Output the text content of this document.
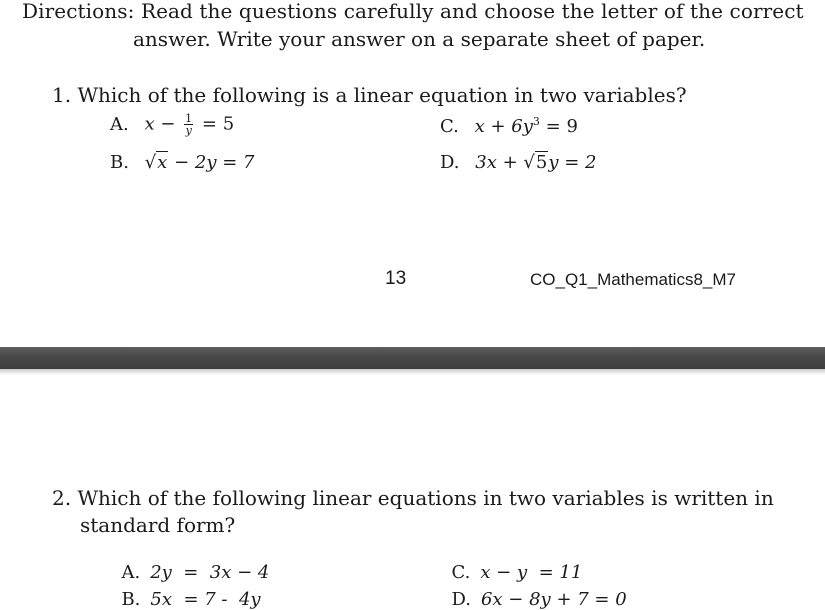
Directions: Read the questions carefully and choose the letter of the correct
answer. Write your answer on a separate sheet of paper.
1. Which of the following is a linear equation in two variables?
A. $x - \frac{1}{y} = 5$	C. $x + 6y^3 = 9$
B. √x − 2y = 7	D. 3x + √5y = 2
13	CO_Q1_Mathematics8_M7
2. Which of the following linear equations in two variables is written in
standard form?

A. 2y  =  3x − 4	C. x − y  = 11

B. 5x  = 7 -  4y	D. 6x − 8y + 7 = 0
